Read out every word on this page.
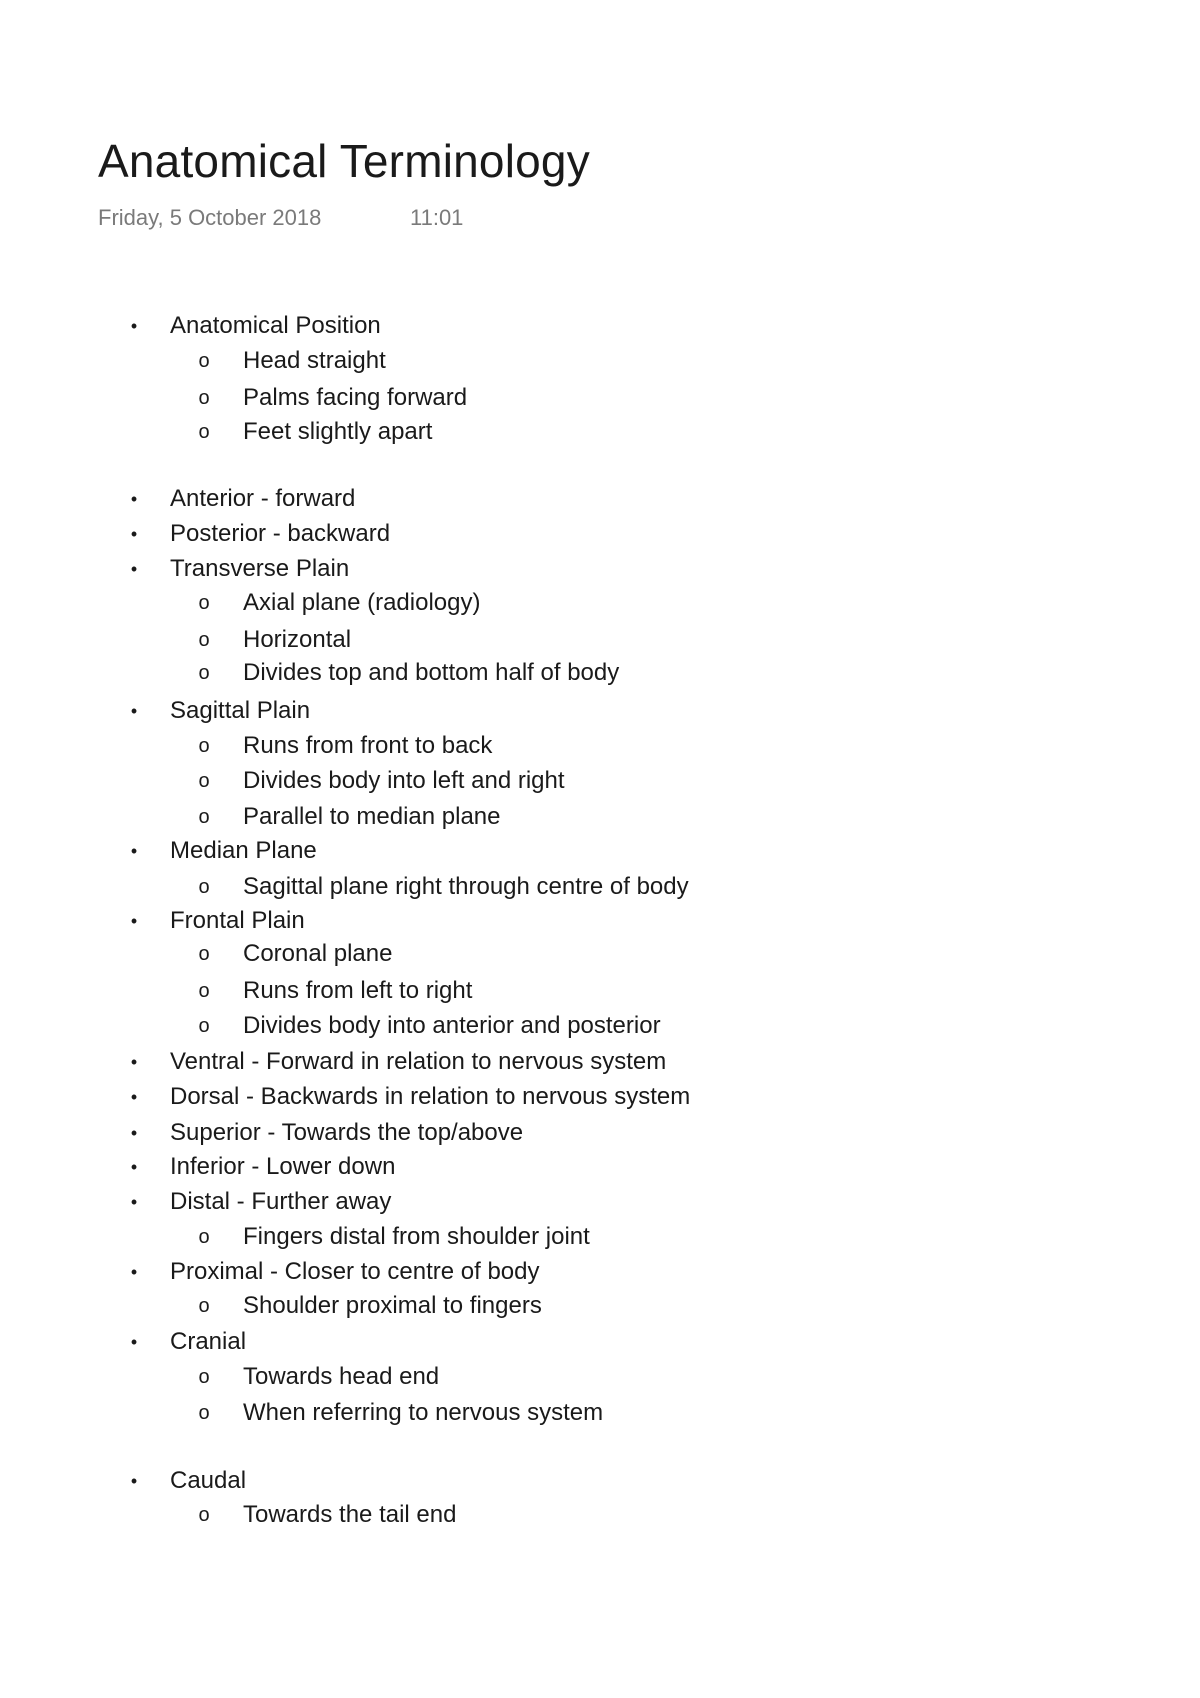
Anatomical Terminology
Friday, 5 October 2018	11:01
• Anatomical Position
o Head straight
o Palms facing forward
o Feet slightly apart
• Anterior - forward
• Posterior - backward
• Transverse Plain
o Axial plane (radiology)
o Horizontal
o Divides top and bottom half of body
• Sagittal Plain
o Runs from front to back
o Divides body into left and right
o Parallel to median plane
• Median Plane
o Sagittal plane right through centre of body
• Frontal Plain
o Coronal plane
o Runs from left to right
o Divides body into anterior and posterior
• Ventral - Forward in relation to nervous system
• Dorsal - Backwards in relation to nervous system
• Superior - Towards the top/above
• Inferior - Lower down
• Distal - Further away
o Fingers distal from shoulder joint
• Proximal - Closer to centre of body
o Shoulder proximal to fingers
• Cranial
o Towards head end
o When referring to nervous system
• Caudal
o Towards the tail end
